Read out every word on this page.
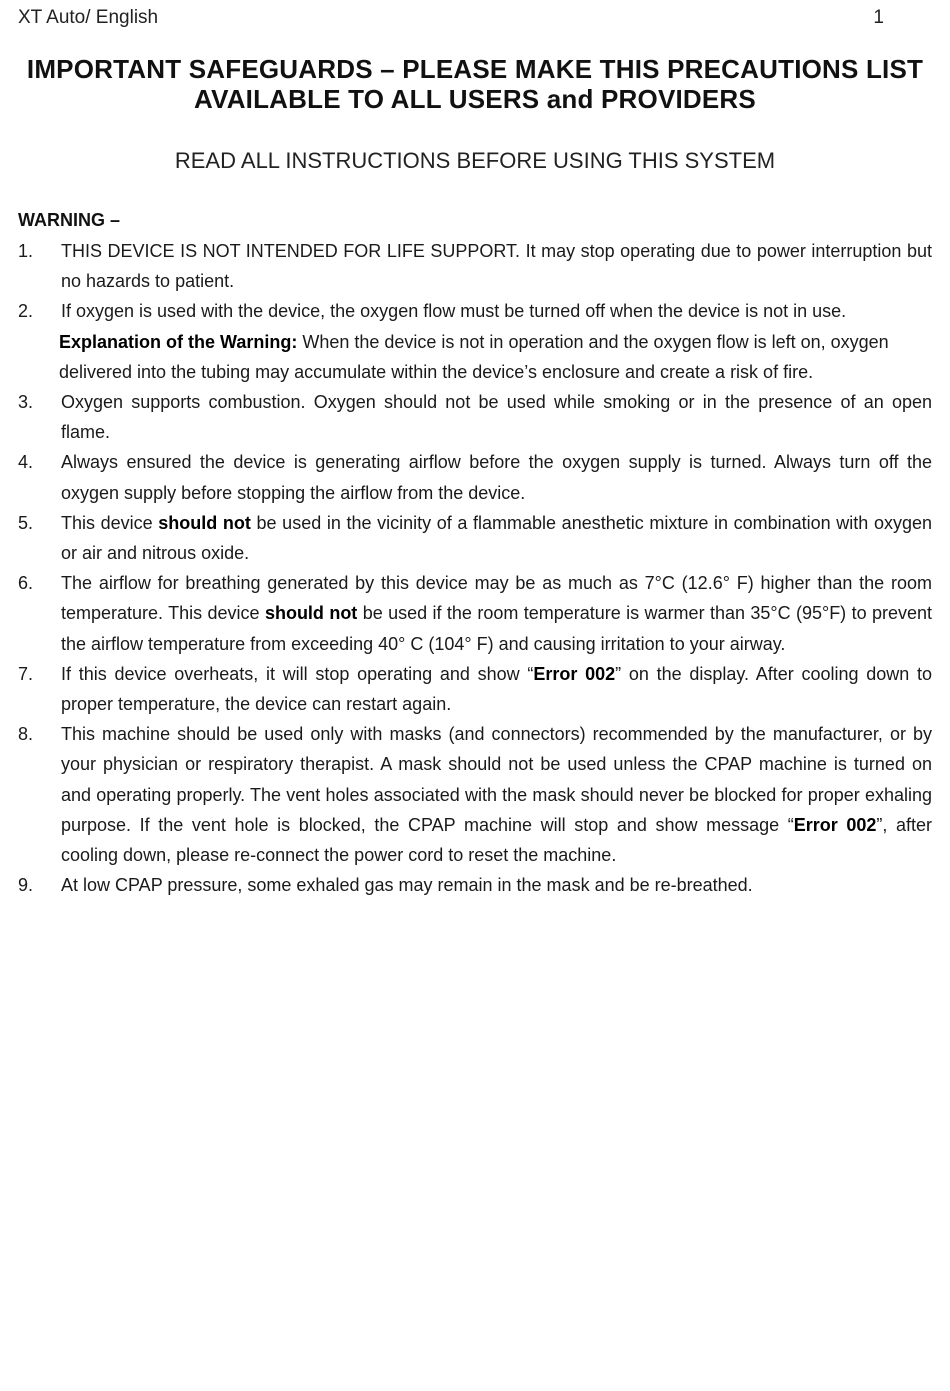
XT Auto/ English	1
IMPORTANT SAFEGUARDS – PLEASE MAKE THIS PRECAUTIONS LIST
AVAILABLE TO ALL USERS and PROVIDERS
READ ALL INSTRUCTIONS BEFORE USING THIS SYSTEM
WARNING –
1. THIS DEVICE IS NOT INTENDED FOR LIFE SUPPORT. It may stop operating due to power interruption but no hazards to patient.
2. If oxygen is used with the device, the oxygen flow must be turned off when the device is not in use.
Explanation of the Warning: When the device is not in operation and the oxygen flow is left on, oxygen delivered into the tubing may accumulate within the device’s enclosure and create a risk of fire.
3. Oxygen supports combustion. Oxygen should not be used while smoking or in the presence of an open flame.
4. Always ensured the device is generating airflow before the oxygen supply is turned. Always turn off the oxygen supply before stopping the airflow from the device.
5. This device should not be used in the vicinity of a flammable anesthetic mixture in combination with oxygen or air and nitrous oxide.
6. The airflow for breathing generated by this device may be as much as 7°C (12.6° F) higher than the room temperature. This device should not be used if the room temperature is warmer than 35°C (95°F) to prevent the airflow temperature from exceeding 40° C (104° F) and causing irritation to your airway.
7. If this device overheats, it will stop operating and show “Error 002” on the display. After cooling down to proper temperature, the device can restart again.
8. This machine should be used only with masks (and connectors) recommended by the manufacturer, or by your physician or respiratory therapist. A mask should not be used unless the CPAP machine is turned on and operating properly. The vent holes associated with the mask should never be blocked for proper exhaling purpose. If the vent hole is blocked, the CPAP machine will stop and show message “Error 002”, after cooling down, please re-connect the power cord to reset the machine.
9. At low CPAP pressure, some exhaled gas may remain in the mask and be re-breathed.
